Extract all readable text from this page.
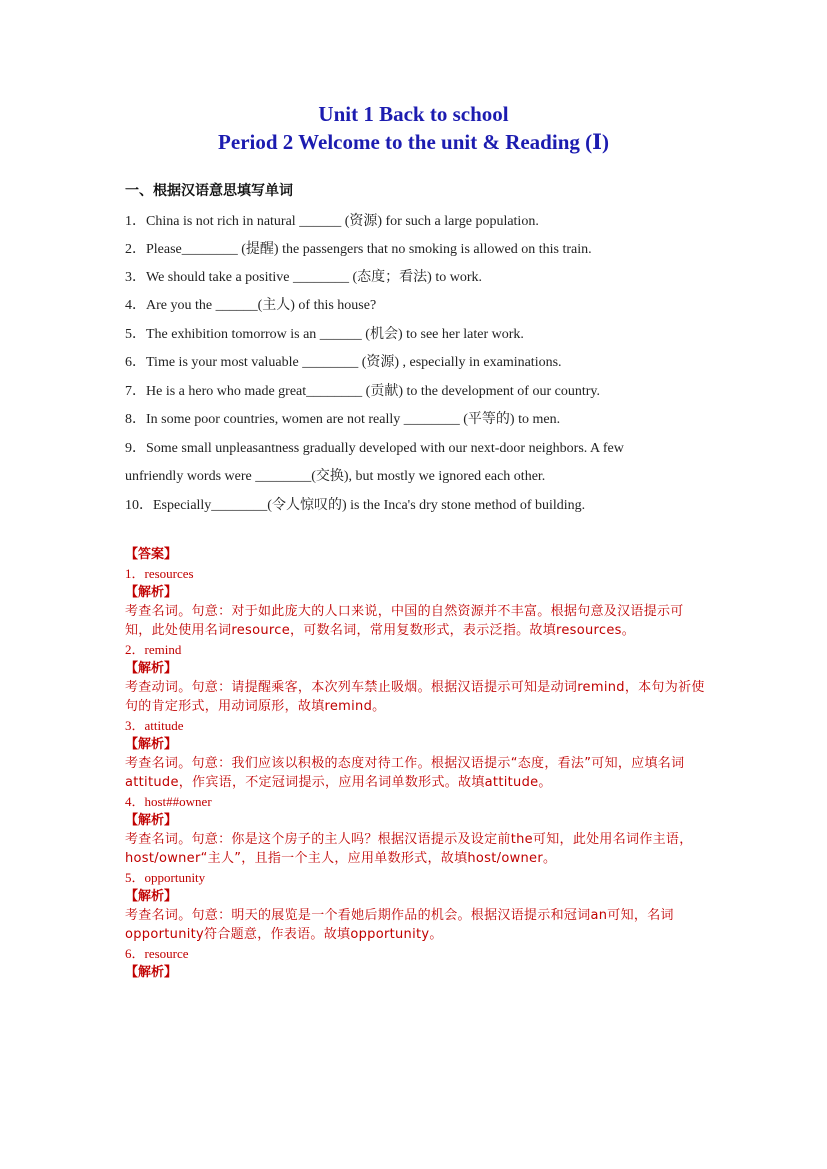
Unit 1 Back to school
Period 2 Welcome to the unit & Reading (Ⅰ)
一、根据汉语意思填写单词
1．China is not rich in natural ______ (资源) for such a large population.
2．Please________ (提醒) the passengers that no smoking is allowed on this train.
3．We should take a positive ________ (态度；看法) to work.
4．Are you the ______(主人) of this house?
5．The exhibition tomorrow is an ______ (机会) to see her later work.
6．Time is your most valuable ________ (资源) , especially in examinations.
7．He is a hero who made great________ (贡献) to the development of our country.
8．In some poor countries, women are not really ________ (平等的) to men.
9．Some small unpleasantness gradually developed with our next-door neighbors. A few
unfriendly words were ________(交换), but mostly we ignored each other.
10．Especially________(令人惊叹的) is the Inca's dry stone method of building.
【答案】
1．resources
【解析】
考查名词。句意：对于如此庞大的人口来说，中国的自然资源并不丰富。根据句意及汉语提示可知，此处使用名词resource，可数名词，常用复数形式，表示泛指。故填resources。
2．remind
【解析】
考查动词。句意：请提醒乘客，本次列车禁止吸烟。根据汉语提示可知是动词remind，本句为祈使句的肯定形式，用动词原形，故填remind。
3．attitude
【解析】
考查名词。句意：我们应该以积极的态度对待工作。根据汉语提示“态度，看法”可知，应填名词attitude，作宾语，不定冠词提示，应用名词单数形式。故填attitude。
4．host##owner
【解析】
考查名词。句意：你是这个房子的主人吗？根据汉语提示及设定前the可知，此处用名词作主语，host/owner“主人”，且指一个主人，应用单数形式，故填host/owner。
5．opportunity
【解析】
考查名词。句意：明天的展览是一个看她后期作品的机会。根据汉语提示和冠词an可知，名词opportunity符合题意，作表语。故填opportunity。
6．resource
【解析】
